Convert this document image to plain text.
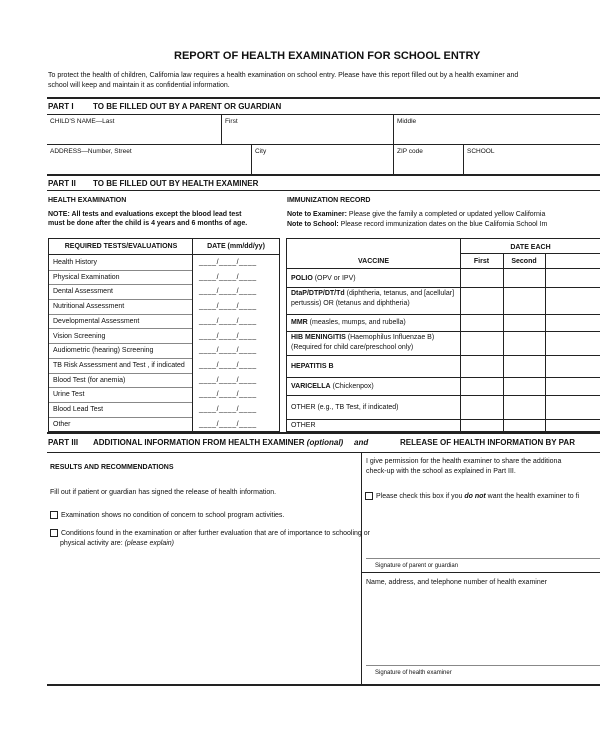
REPORT OF HEALTH EXAMINATION FOR SCHOOL ENTRY
To protect the health of children, California law requires a health examination on school entry. Please have this report filled out by a health examiner and
school will keep and maintain it as confidential information.
PART I TO BE FILLED OUT BY A PARENT OR GUARDIAN
CHILD'S NAME—Last	First	Middle
ADDRESS—Number, Street	City	ZIP code	SCHOOL
PART II TO BE FILLED OUT BY HEALTH EXAMINER
HEALTH EXAMINATION
NOTE: All tests and evaluations except the blood lead test
must be done after the child is 4 years and 6 months of age.
REQUIRED TESTS/EVALUATIONS	DATE (mm/dd/yy)
Health History	____/____/____
Physical Examination	____/____/____
Dental Assessment	____/____/____
Nutritional Assessment	____/____/____
Developmental Assessment	____/____/____
Vision Screening	____/____/____
Audiometric (hearing) Screening	____/____/____
TB Risk Assessment and Test , if indicated ____/____/____
Blood Test (for anemia)	____/____/____
Urine Test	____/____/____
Blood Lead Test	____/____/____
Other	____/____/____
IMMUNIZATION RECORD
Note to Examiner: Please give the family a completed or updated yellow California
Note to School: Please record immunization dates on the blue California School Im
VACCINE
DATE EACH
First	Second
POLIO (OPV or IPV)
DtaP/DTP/DT/Td (diphtheria, tetanus, and [acellular]
pertussis) OR (tetanus and diphtheria)
MMR (measles, mumps, and rubella)
HIB MENINGITIS (Haemophilus Influenzae B)
(Required for child care/preschool only)
HEPATITIS B
VARICELLA (Chickenpox)
OTHER (e.g., TB Test, if indicated)
OTHER
PART III ADDITIONAL INFORMATION FROM HEALTH EXAMINER (optional) and	RELEASE OF HEALTH INFORMATION BY PAR
RESULTS AND RECOMMENDATIONS
Fill out if patient or guardian has signed the release of health information.
Examination shows no condition of concern to school program activities.
Conditions found in the examination or after further evaluation that are of importance to schooling or
physical activity are: (please explain)
I give permission for the health examiner to share the additiona
check-up with the school as explained in Part III.
Please check this box if you do not want the health examiner to fi
Signature of parent or guardian
Name, address, and telephone number of health examiner
Signature of health examiner
